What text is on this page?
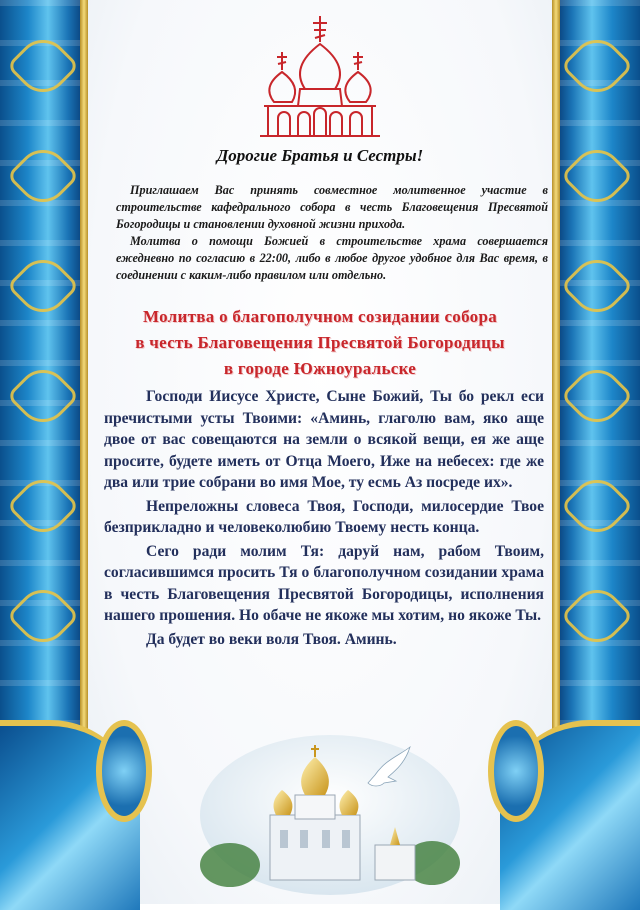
Дорогие Братья и Сестры!

Приглашаем Вас принять совместное молитвенное участие в строительстве кафедрального собора в честь Благовещения Пресвятой Богородицы и становлении духовной жизни прихода.

Молитва о помощи Божией в строительстве храма совершается ежедневно по согласию в 22:00, либо в любое другое удобное для Вас время, в соединении с каким-либо правилом или отдельно.

Молитва о благополучном созидании собора
в честь Благовещения Пресвятой Богородицы
в городе Южноуральске

Господи Иисусе Христе, Сыне Божий, Ты бо рекл еси пречистыми усты Твоими: «Аминь, глаголю вам, яко аще двое от вас совещаются на земли о всякой вещи, ея же аще просите, будете иметь от Отца Моего, Иже на небесех: где же два или трие собрани во имя Мое, ту есмь Аз посреде их».

Непреложны словеса Твоя, Господи, милосердие Твое безприкладно и человеколюбию Твоему несть конца.

Сего ради молим Тя: даруй нам, рабом Твоим, согласившимся просить Тя о благополучном созидании храма в честь Благовещения Пресвятой Богородицы, исполнения нашего прошения. Но обаче не якоже мы хотим, но якоже Ты.

Да будет во веки воля Твоя. Аминь.
